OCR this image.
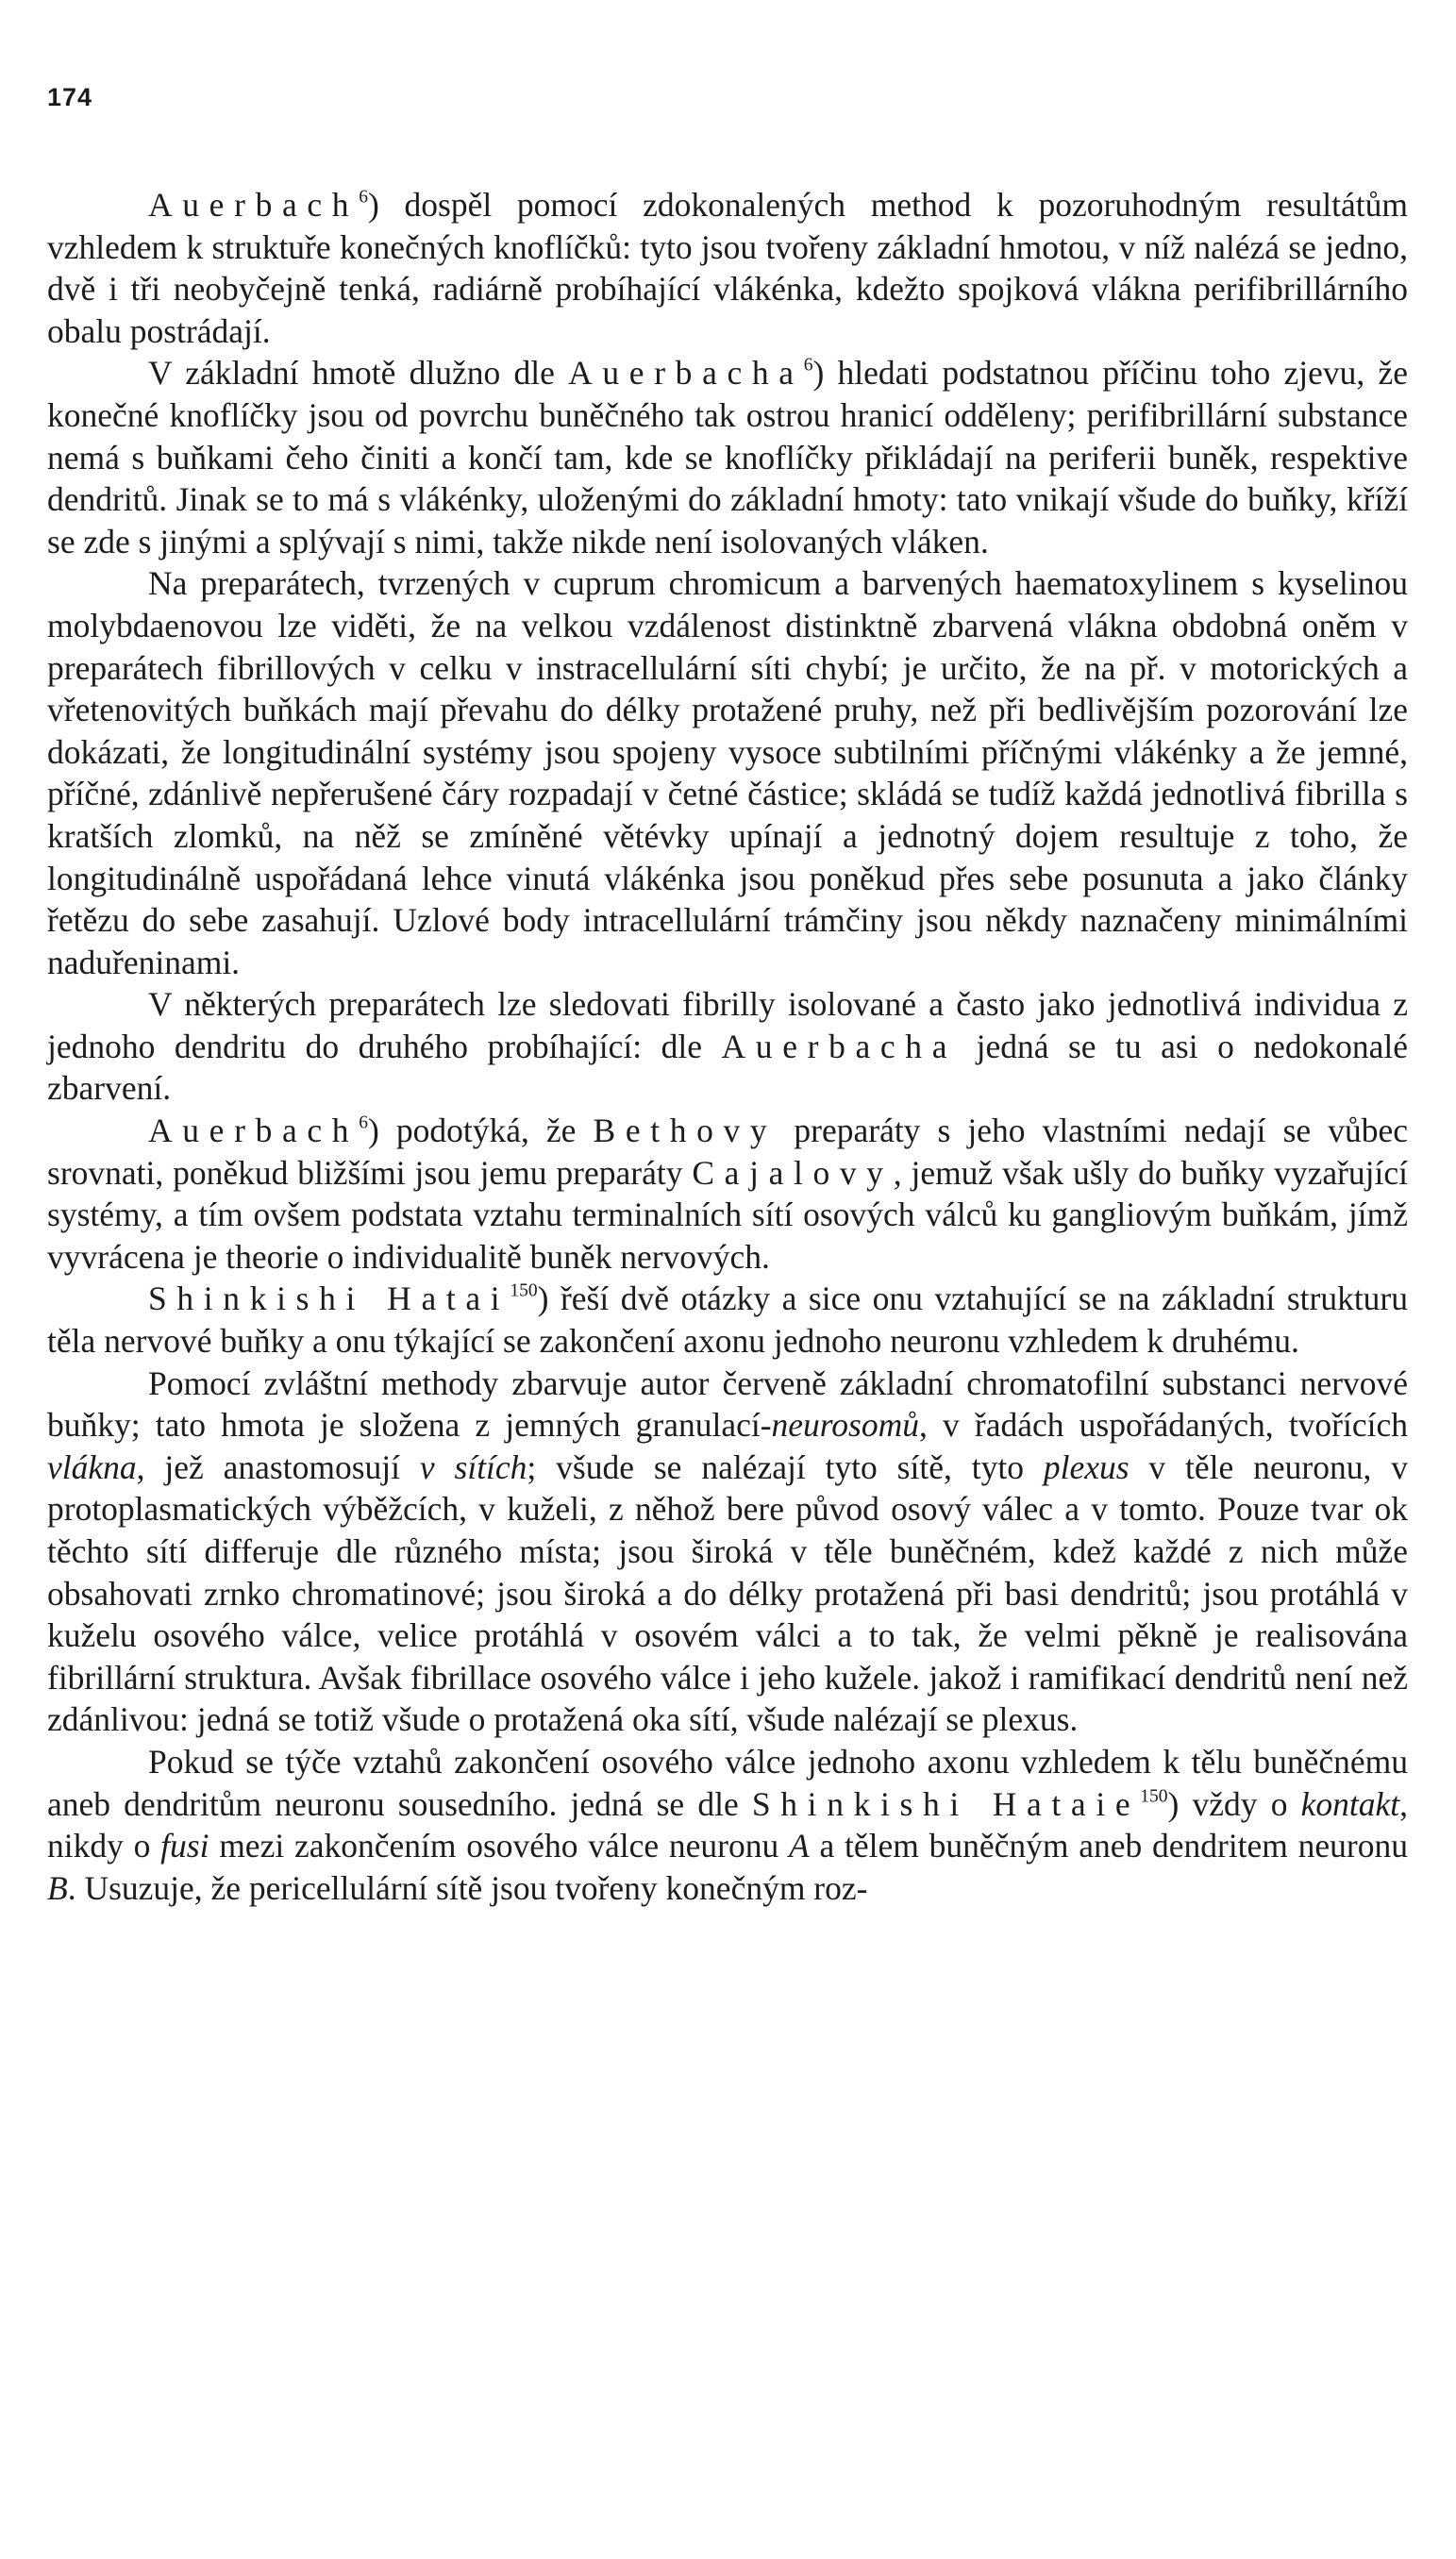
174

Auerbach$^6$) dospěl pomocí zdokonalených method k pozoruhodným resultátům vzhledem k struktuře konečných knoflíčků: tyto jsou tvořeny základní hmotou, v níž nalézá se jedno, dvě i tři neobyčejně tenká, radiárně probíhající vlákénka, kdežto spojková vlákna perifibrillárního obalu postrádají.

V základní hmotě dlužno dle Auerbacha$^6$) hledati podstatnou příčinu toho zjevu, že konečné knoflíčky jsou od povrchu buněčného tak ostrou hranicí odděleny; perifibrillární substance nemá s buňkami čeho činiti a končí tam, kde se knoflíčky přikládají na periferii buněk, respektive dendritů. Jinak se to má s vlákénky, uloženými do základní hmoty: tato vnikají všude do buňky, kříží se zde s jinými a splývají s nimi, takže nikde není isolovaných vláken.

Na preparátech, tvrzených v cuprum chromicum a barvených haematoxylinem s kyselinou molybdaenovou lze viděti, že na velkou vzdálenost distinktně zbarvená vlákna obdobná oněm v preparátech fibrillových v celku v instracellulární síti chybí; je určito, že na př. v motorických a vřetenovitých buňkách mají převahu do délky protažené pruhy, než při bedlivějším pozorování lze dokázati, že longitudinální systémy jsou spojeny vysoce subtilními příčnými vlákénky a že jemné, příčné, zdánlivě nepřerušené čáry rozpadají v četné částice; skládá se tudíž každá jednotlivá fibrilla s kratších zlomků, na něž se zmíněné větévky upínají a jednotný dojem resultuje z toho, že longitudinálně uspořádaná lehce vinutá vlákénka jsou poněkud přes sebe posunuta a jako články řetězu do sebe zasahují. Uzlové body intracellulární trámčiny jsou někdy naznačeny minimálními naduřeninami.

V některých preparátech lze sledovati fibrilly isolované a často jako jednotlivá individua z jednoho dendritu do druhého probíhající: dle Auerbacha jedná se tu asi o nedokonalé zbarvení.

Auerbach$^6$) podotýká, že Bethovy preparáty s jeho vlastními nedají se vůbec srovnati, poněkud bližšími jsou jemu preparáty Cajalovy, jemuž však ušly do buňky vyzařující systémy, a tím ovšem podstata vztahu terminalních sítí osových válců ku gangliovým buňkám, jímž vyvrácena je theorie o individualitě buněk nervových.

Shinkishi Hatai$^{150}$) řeší dvě otázky a sice onu vztahující se na základní strukturu těla nervové buňky a onu týkající se zakončení axonu jednoho neuronu vzhledem k druhému.

Pomocí zvláštní methody zbarvuje autor červeně základní chromatofilní substanci nervové buňky; tato hmota je složena z jemných granulací-neurosomů, v řadách uspořádaných, tvořících vlákna, jež anastomosují v sítích; všude se nalézají tyto sítě, tyto plexus v těle neuronu, v protoplasmatických výběžcích, v kuželi, z něhož bere původ osový válec a v tomto. Pouze tvar ok těchto sítí differuje dle různého místa; jsou široká v těle buněčném, kdež každé z nich může obsahovati zrnko chromatinové; jsou široká a do délky protažená při basi dendritů; jsou protáhlá v kuželu osového válce, velice protáhlá v osovém válci a to tak, že velmi pěkně je realisována fibrillární struktura. Avšak fibrillace osového válce i jeho kužele. jakož i ramifikací dendritů není než zdánlivou: jedná se totiž všude o protažená oka sítí, všude nalézají se plexus.

Pokud se týče vztahů zakončení osového válce jednoho axonu vzhledem k tělu buněčnému aneb dendritům neuronu sousedního. jedná se dle Shinkishi Hataie$^{150}$) vždy o kontakt, nikdy o fusi mezi zakončením osového válce neuronu A a tělem buněčným aneb dendritem neuronu B. Usuzuje, že pericellulární sítě jsou tvořeny konečným roz-
